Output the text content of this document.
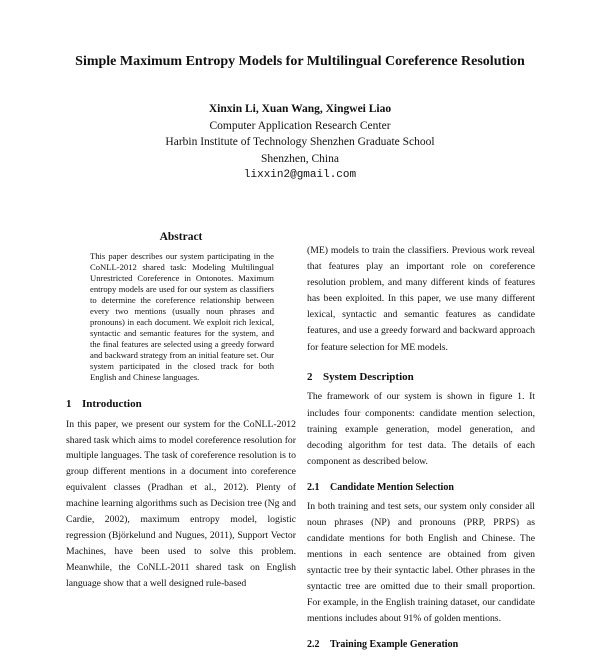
Simple Maximum Entropy Models for Multilingual Coreference Resolution
Xinxin Li, Xuan Wang, Xingwei Liao
Computer Application Research Center
Harbin Institute of Technology Shenzhen Graduate School
Shenzhen, China
lixxin2@gmail.com
Abstract
This paper describes our system participating in the CoNLL-2012 shared task: Modeling Multilingual Unrestricted Coreference in Ontonotes. Maximum entropy models are used for our system as classifiers to determine the coreference relationship between every two mentions (usually noun phrases and pronouns) in each document. We exploit rich lexical, syntactic and semantic features for the system, and the final features are selected using a greedy forward and backward strategy from an initial feature set. Our system participated in the closed track for both English and Chinese languages.
1 Introduction

In this paper, we present our system for the CoNLL-2012 shared task which aims to model coreference resolution for multiple languages. The task of coreference resolution is to group different mentions in a document into coreference equivalent classes (Pradhan et al., 2012). Plenty of machine learning algorithms such as Decision tree (Ng and Cardie, 2002), maximum entropy model, logistic regression (Björkelund and Nugues, 2011), Support Vector Machines, have been used to solve this problem. Meanwhile, the CoNLL-2011 shared task on English language show that a well designed rule-based

(ME) models to train the classifiers. Previous work reveal that features play an important role on coreference resolution problem, and many different kinds of features has been exploited. In this paper, we use many different lexical, syntactic and semantic features as candidate features, and use a greedy forward and backward approach for feature selection for ME models.

2 System Description

The framework of our system is shown in figure 1. It includes four components: candidate mention selection, training example generation, model generation, and decoding algorithm for test data. The details of each component as described below.

2.1 Candidate Mention Selection

In both training and test sets, our system only consider all noun phrases (NP) and pronouns (PRP, PRPS) as candidate mentions for both English and Chinese. The mentions in each sentence are obtained from given syntactic tree by their syntactic label. Other phrases in the syntactic tree are omitted due to their small proportion. For example, in the English training dataset, our candidate mentions includes about 91% of golden mentions.

2.2 Training Example Generation
